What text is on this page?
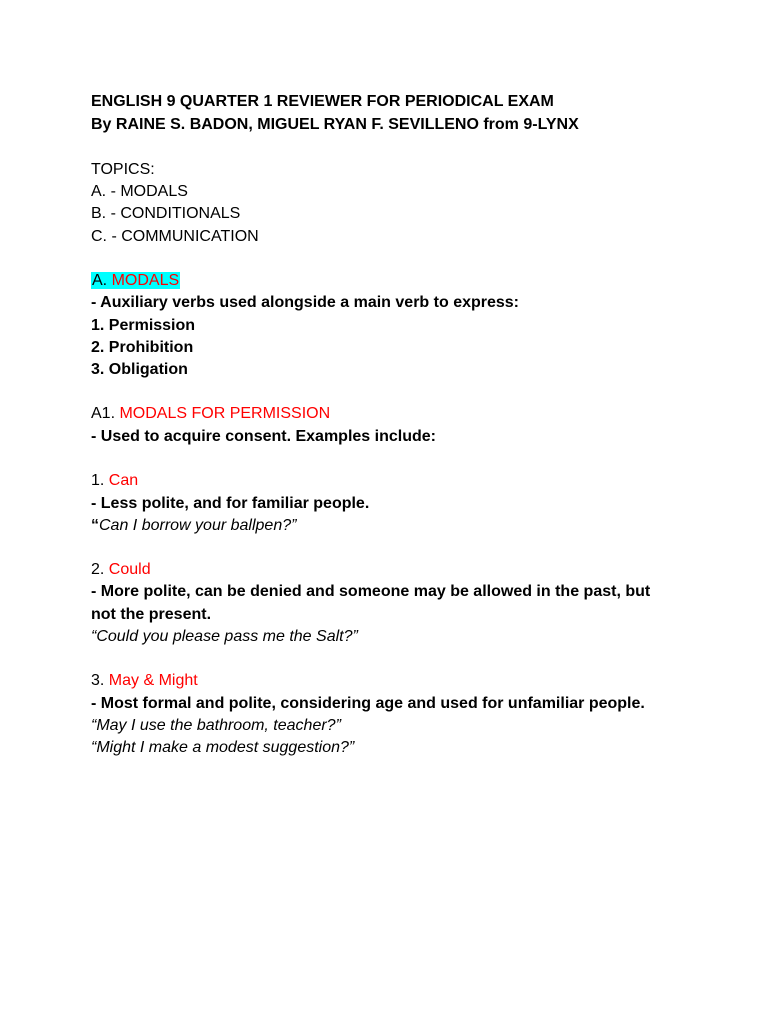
ENGLISH 9 QUARTER 1 REVIEWER FOR PERIODICAL EXAM

By RAINE S. BADON, MIGUEL RYAN F. SEVILLENO from 9-LYNX

TOPICS:

A. - MODALS

B. - CONDITIONALS

C. - COMMUNICATION

A. MODALS

- Auxiliary verbs used alongside a main verb to express:

1. Permission

2. Prohibition

3. Obligation

A1. MODALS FOR PERMISSION

- Used to acquire consent. Examples include:

1. Can

- Less polite, and for familiar people.

“Can I borrow your ballpen?”

2. Could

- More polite, can be denied and someone may be allowed in the past, but

not the present.

“Could you please pass me the Salt?”

3. May & Might

- Most formal and polite, considering age and used for unfamiliar people.

“May I use the bathroom, teacher?”

“Might I make a modest suggestion?”
